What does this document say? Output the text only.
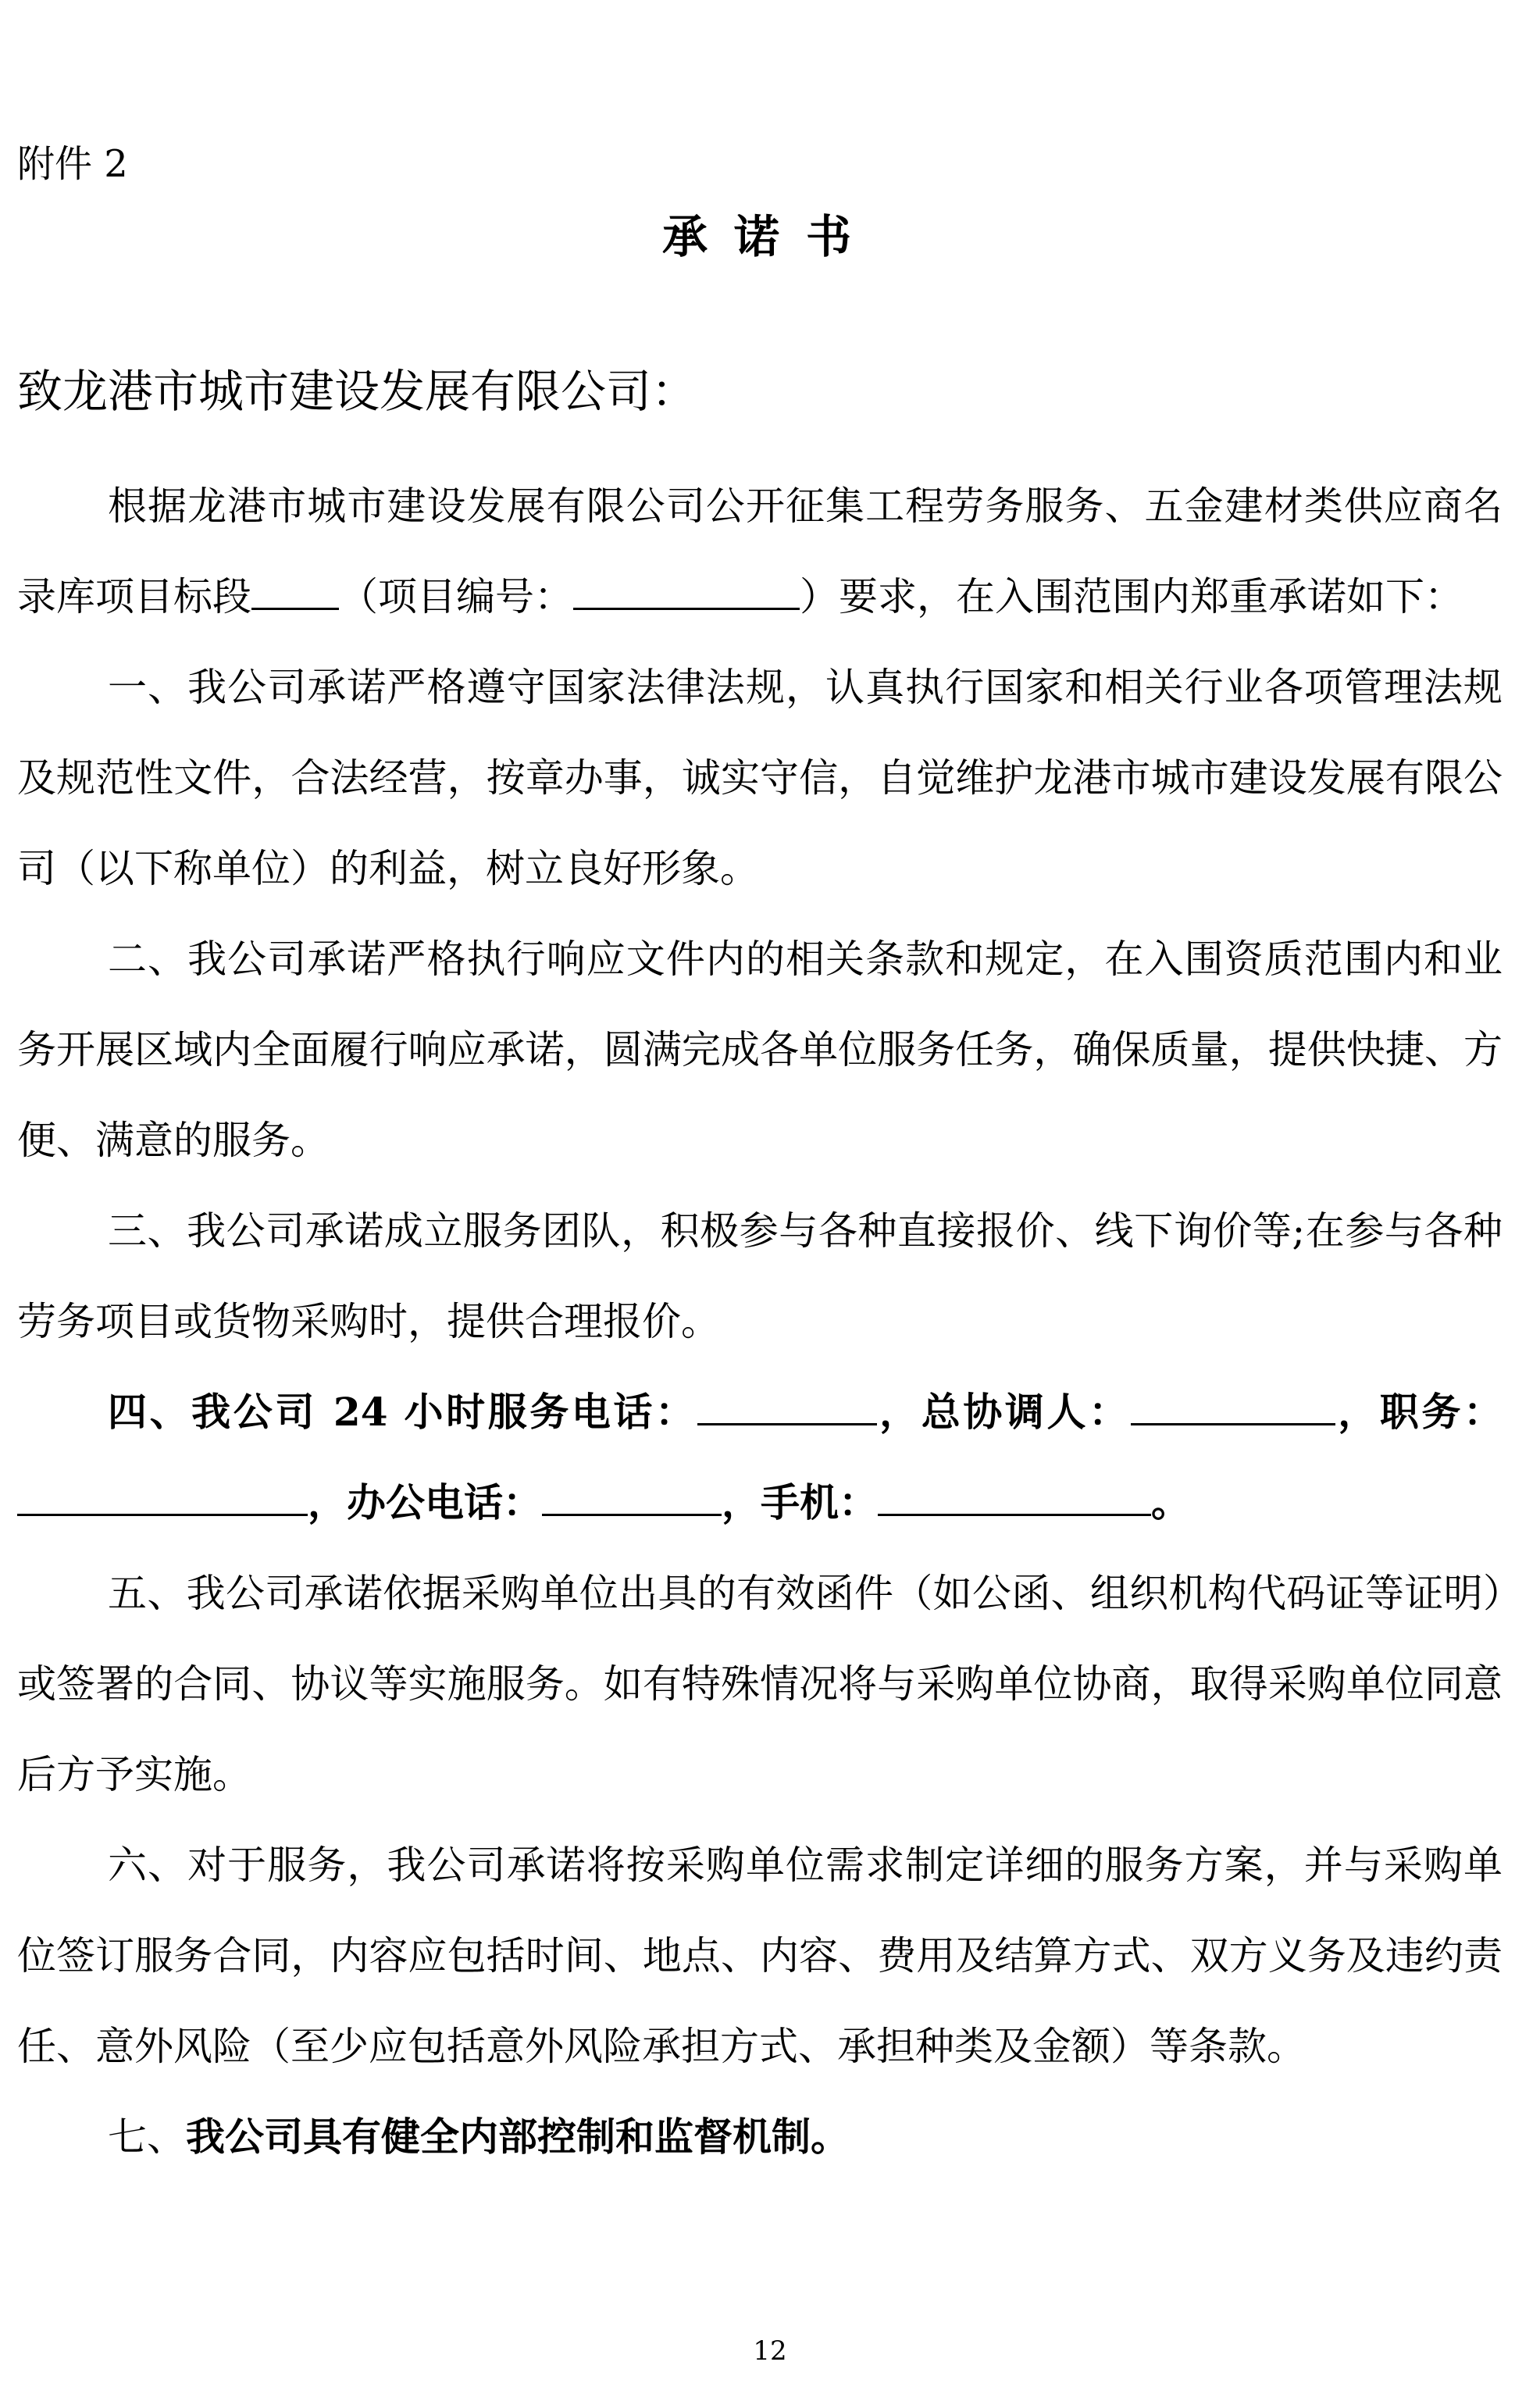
附件 2
承诺书
致龙港市城市建设发展有限公司：

根据龙港市城市建设发展有限公司公开征集工程劳务服务、五金建材类供应商名录库项目标段 （项目编号：	）要求，在入围范围内郑重承诺如下：

一、我公司承诺严格遵守国家法律法规，认真执行国家和相关行业各项管理法规及规范性文件，合法经营，按章办事，诚实守信，自觉维护龙港市城市建设发展有限公司（以下称单位）的利益，树立良好形象。

二、我公司承诺严格执行响应文件内的相关条款和规定，在入围资质范围内和业务开展区域内全面履行响应承诺，圆满完成各单位服务任务，确保质量，提供快捷、方便、满意的服务。

三、我公司承诺成立服务团队，积极参与各种直接报价、线下询价等;在参与各种劳务项目或货物采购时，提供合理报价。

四、我公司 24 小时服务电话：	，总协调人：	，职务：，办公电话：	，手机：	。

五、我公司承诺依据采购单位出具的有效函件（如公函、组织机构代码证等证明）或签署的合同、协议等实施服务。如有特殊情况将与采购单位协商，取得采购单位同意后方予实施。

六、对于服务，我公司承诺将按采购单位需求制定详细的服务方案，并与采购单位签订服务合同，内容应包括时间、地点、内容、费用及结算方式、双方义务及违约责任、意外风险（至少应包括意外风险承担方式、承担种类及金额）等条款。

七、我公司具有健全内部控制和监督机制。

12
